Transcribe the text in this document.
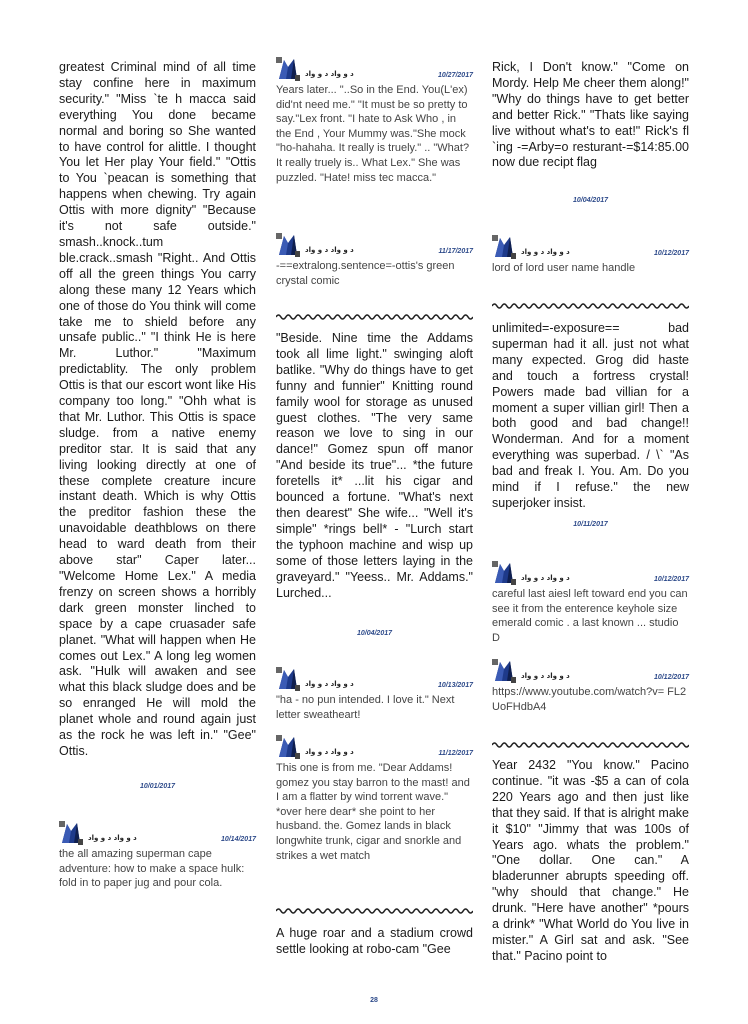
greatest Criminal mind of all time stay confine here in maximum security." "Miss `te h macca said everything You done became normal and boring so She wanted to have control for alittle. I thought You let Her play Your field." "Ottis to You `peacan is something that happens when chewing. Try again Ottis with more dignity" "Because it's not safe outside." smash..knock..tum ble.crack..smash "Right.. And Ottis off all the green things You carry along these many 12 Years which one of those do You think will come take me to shield before any unsafe public.." "I think He is here Mr. Luthor." "Maximum predictablity. The only problem Ottis is that our escort wont like His company too long." "Ohh what is that Mr. Luthor. This Ottis is space sludge. from a native enemy preditor star. It is said that any living looking directly at one of these complete creature incure instant death. Which is why Ottis the preditor fashion these the unavoidable deathblows on there head to ward death from their above star" Caper later... "Welcome Home Lex." A media frenzy on screen shows a horribly dark green monster linched to space by a cape cruasader safe planet. "What will happen when He comes out Lex." A long leg women ask. "Hulk will awaken and see what this black sludge does and be so enranged He will mold the planet whole and round again just as the rock he was left in." "Gee" Ottis.
10/01/2017
د و واد د و واد	10/14/2017
the all amazing superman cape adventure: how to make a space hulk: fold in to paper jug and pour cola.
د و واد د و واد	10/27/2017
Years later... "..So in the End. You(L'ex) did'nt need me." "It must be so pretty to say."Lex front. "I hate to Ask Who , in the End , Your Mummy was."She mock "ho-hahaha. It really is truely." .. "What? It really truely is.. What Lex." She was puzzled. "Hate! miss tec macca."
د و واد د و واد	11/17/2017
-==extralong.sentence=-ottis's green crystal comic
"Beside. Nine time the Addams took all lime light." swinging aloft batlike. "Why do things have to get funny and funnier" Knitting round family wool for storage as unused guest clothes. "The very same reason we love to sing in our dance!" Gomez spun off manor "And beside its true"... *the future foretells it* ...lit his cigar and bounced a fortune. "What's next then dearest" She wife... "Well it's simple" *rings bell* - "Lurch start the typhoon machine and wisp up some of those letters laying in the graveyard." "Yeess.. Mr. Addams." Lurched...
10/04/2017
د و واد د و واد	10/13/2017
"ha - no pun intended. I love it." Next letter sweatheart!
د و واد د و واد	11/12/2017
This one is from me. "Dear Addams! gomez you stay barron to the mast! and I am a flatter by wind torrent wave." *over here dear* she point to her husband. the. Gomez lands in black longwhite trunk, cigar and snorkle and strikes a wet match
A huge roar and a stadium crowd settle looking at robo-cam "Gee
Rick, I Don't know." "Come on Mordy. Help Me cheer them along!" "Why do things have to get better and better Rick." "Thats like saying live without what's to eat!" Rick's fl `ing -=Arby=o resturant-=$14:85.00 now due recipt flag
10/04/2017
د و واد د و واد	10/12/2017
lord of lord user name handle
unlimited=-exposure== bad superman had it all. just not what many expected. Grog did haste and touch a fortress crystal! Powers made bad villian for a moment a super villian girl! Then a both good and bad change!! Wonderman. And for a moment everything was superbad. / \` "As bad and freak I. You. Am. Do you mind if I refuse." the new superjoker insist.
10/11/2017
د و واد د و واد	10/12/2017
careful last aiesl left toward end you can see it from the enterence keyhole size emerald comic . a last known ... studio D
د و واد د و واد	10/12/2017
https://www.youtube.com/watch?v= FL2UoFHdbA4
Year 2432 "You know." Pacino continue. "it was -$5 a can of cola 220 Years ago and then just like that they said. If that is alright make it $10" "Jimmy that was 100s of Years ago. whats the problem." "One dollar. One can." A bladerunner abrupts speeding off. "why should that change." He drunk. "Here have another" *pours a drink* "What World do You live in mister." A Girl sat and ask. "See that." Pacino point to
28
